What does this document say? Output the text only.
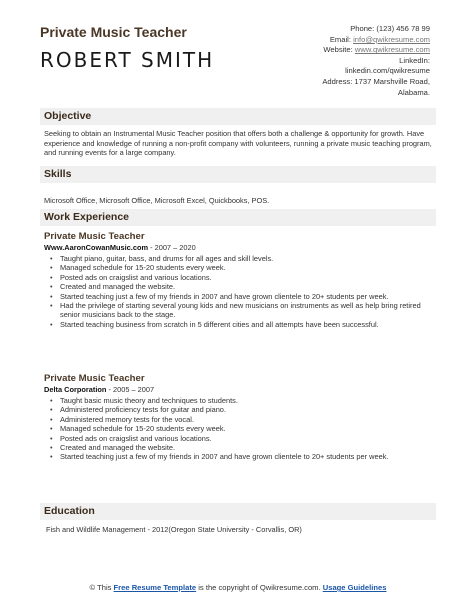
Private Music Teacher
ROBERT SMITH
Phone: (123) 456 78 99
Email: info@qwikresume.com
Website: www.qwikresume.com
LinkedIn:
linkedin.com/qwikresume
Address: 1737 Marshville Road,
Alabama.
Objective
Seeking to obtain an Instrumental Music Teacher position that offers both a challenge & opportunity for growth. Have experience and knowledge of running a non-profit company with volunteers, running a private music teaching program, and running events for a large company.
Skills
Microsoft Office, Microsoft Office, Microsoft Excel, Quickbooks, POS.
Work Experience
Private Music Teacher
Www.AaronCowanMusic.com - 2007 – 2020
• Taught piano, guitar, bass, and drums for all ages and skill levels.
• Managed schedule for 15-20 students every week.
• Posted ads on craigslist and various locations.
• Created and managed the website.
• Started teaching just a few of my friends in 2007 and have grown clientele to 20+ students per week.
• Had the privilege of starting several young kids and new musicians on instruments as well as help bring retired senior musicians back to the stage.
• Started teaching business from scratch in 5 different cities and all attempts have been successful.
Private Music Teacher
Delta Corporation - 2005 – 2007
• Taught basic music theory and techniques to students.
• Administered proficiency tests for guitar and piano.
• Administered memory tests for the vocal.
• Managed schedule for 15-20 students every week.
• Posted ads on craigslist and various locations.
• Created and managed the website.
• Started teaching just a few of my friends in 2007 and have grown clientele to 20+ students per week.
Education
Fish and Wildlife Management - 2012(Oregon State University - Corvallis, OR)
© This Free Resume Template is the copyright of Qwikresume.com. Usage Guidelines
